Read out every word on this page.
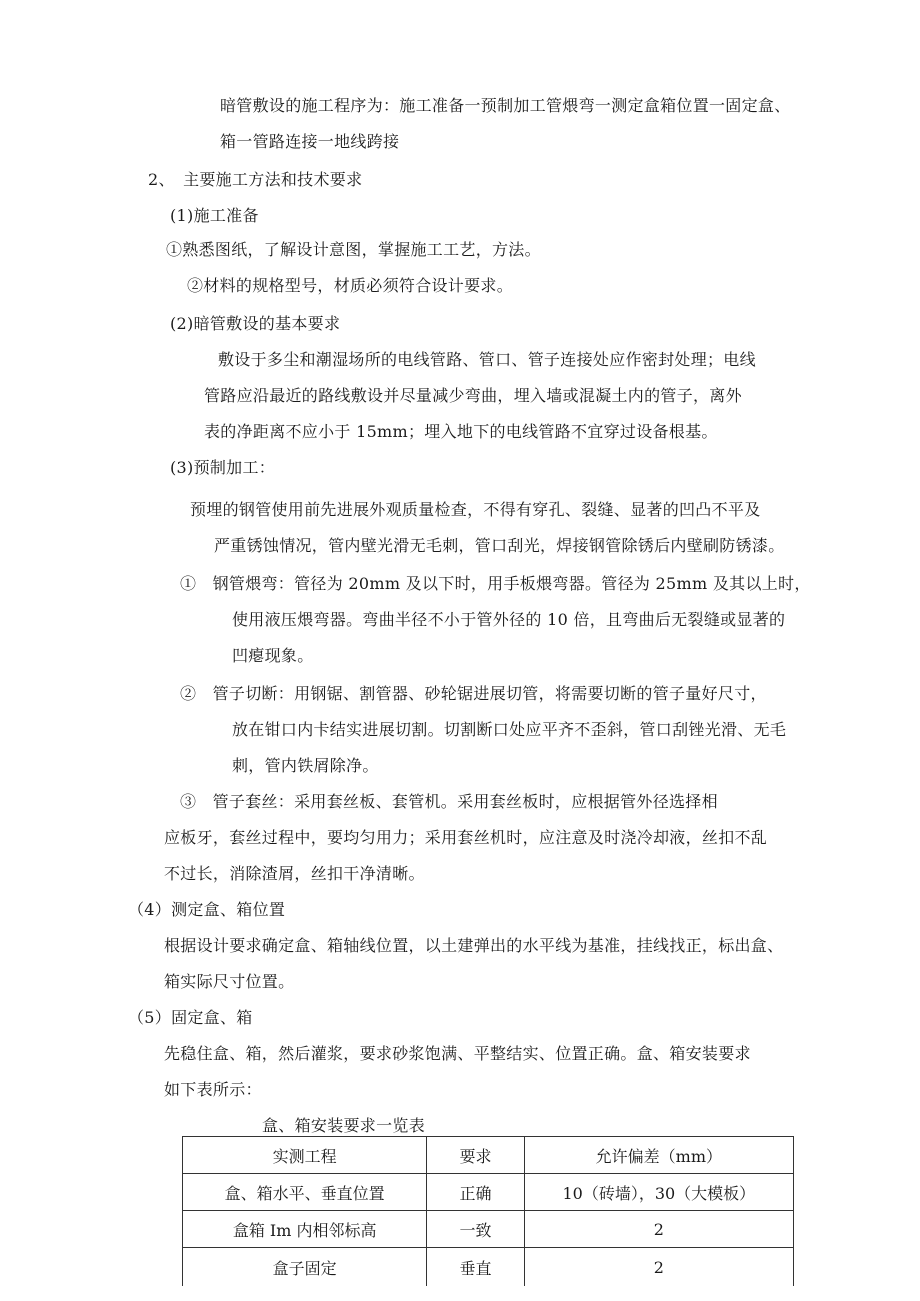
暗管敷设的施工程序为：施工准备一预制加工管煨弯一测定盒箱位置一固定盒、
箱一管路连接一地线跨接
2、　主要施工方法和技术要求
(1)施工准备
①熟悉图纸，了解设计意图，掌握施工工艺，方法。
②材料的规格型号，材质必须符合设计要求。
(2)暗管敷设的基本要求
敷设于多尘和潮湿场所的电线管路、管口、管子连接处应作密封处理；电线
管路应沿最近的路线敷设并尽量减少弯曲，埋入墙或混凝土内的管子，离外
表的净距离不应小于 15mm；埋入地下的电线管路不宜穿过设备根基。
(3)预制加工：
预埋的钢管使用前先进展外观质量检查，不得有穿孔、裂缝、显著的凹凸不平及
严重锈蚀情况，管内壁光滑无毛刺，管口刮光，焊接钢管除锈后内壁刷防锈漆。
①　钢管煨弯：管径为 20mm 及以下时，用手板煨弯器。管径为 25mm 及其以上时，
使用液压煨弯器。弯曲半径不小于管外径的 10 倍，且弯曲后无裂缝或显著的
凹瘪现象。
②　管子切断：用钢锯、割管器、砂轮锯进展切管，将需要切断的管子量好尺寸，
放在钳口内卡结实进展切割。切割断口处应平齐不歪斜，管口刮锉光滑、无毛
刺，管内铁屑除净。
③　管子套丝：采用套丝板、套管机。采用套丝板时，应根据管外径选择相
应板牙，套丝过程中，要均匀用力；采用套丝机时，应注意及时浇冷却液，丝扣不乱
不过长，消除渣屑，丝扣干净清晰。
（4）测定盒、箱位置
根据设计要求确定盒、箱轴线位置，以土建弹出的水平线为基准，挂线找正，标出盒、
箱实际尺寸位置。
（5）固定盒、箱
先稳住盒、箱，然后灌浆，要求砂浆饱满、平整结实、位置正确。盒、箱安装要求
如下表所示：
盒、箱安装要求一览表
实测工程	要求	允许偏差（mm）
盒、箱水平、垂直位置	正确	10（砖墙），30（大模板）
盒箱 Im 内相邻标高	一致	2
盒子固定	垂直	2
